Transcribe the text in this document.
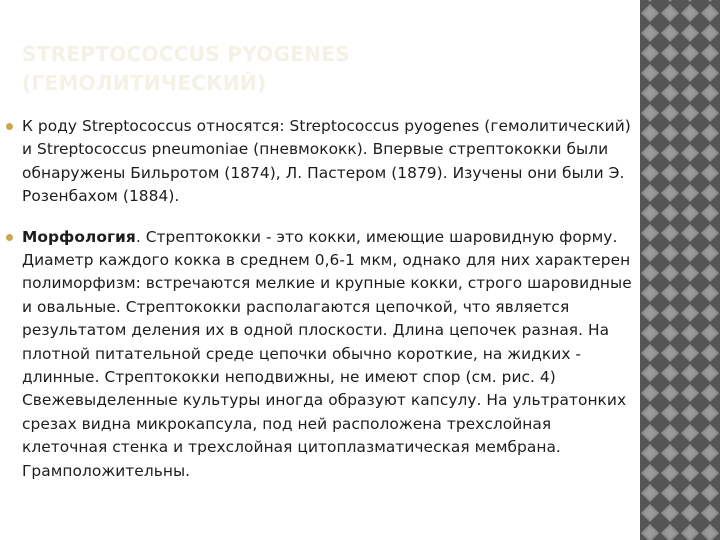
STREPTOCOCCUS PYOGENES
(ГЕМОЛИТИЧЕСКИЙ)
К роду Streptococcus относятся: Streptococcus pyogenes (гемолитический) и Streptococcus pneumoniae (пневмококк). Впервые стрептококки были обнаружены Бильротом (1874), Л. Пастером (1879). Изучены они были Э. Розенбахом (1884).
Морфология. Стрептококки - это кокки, имеющие шаровидную форму. Диаметр каждого кокка в среднем 0,6-1 мкм, однако для них характерен полиморфизм: встречаются мелкие и крупные кокки, строго шаровидные и овальные. Стрептококки располагаются цепочкой, что является результатом деления их в одной плоскости. Длина цепочек разная. На плотной питательной среде цепочки обычно короткие, на жидких - длинные. Стрептококки неподвижны, не имеют спор (см. рис. 4) Свежевыделенные культуры иногда образуют капсулу. На ультратонких срезах видна микрокапсула, под ней расположена трехслойная клеточная стенка и трехслойная цитоплазматическая мембрана. Грамположительны.
